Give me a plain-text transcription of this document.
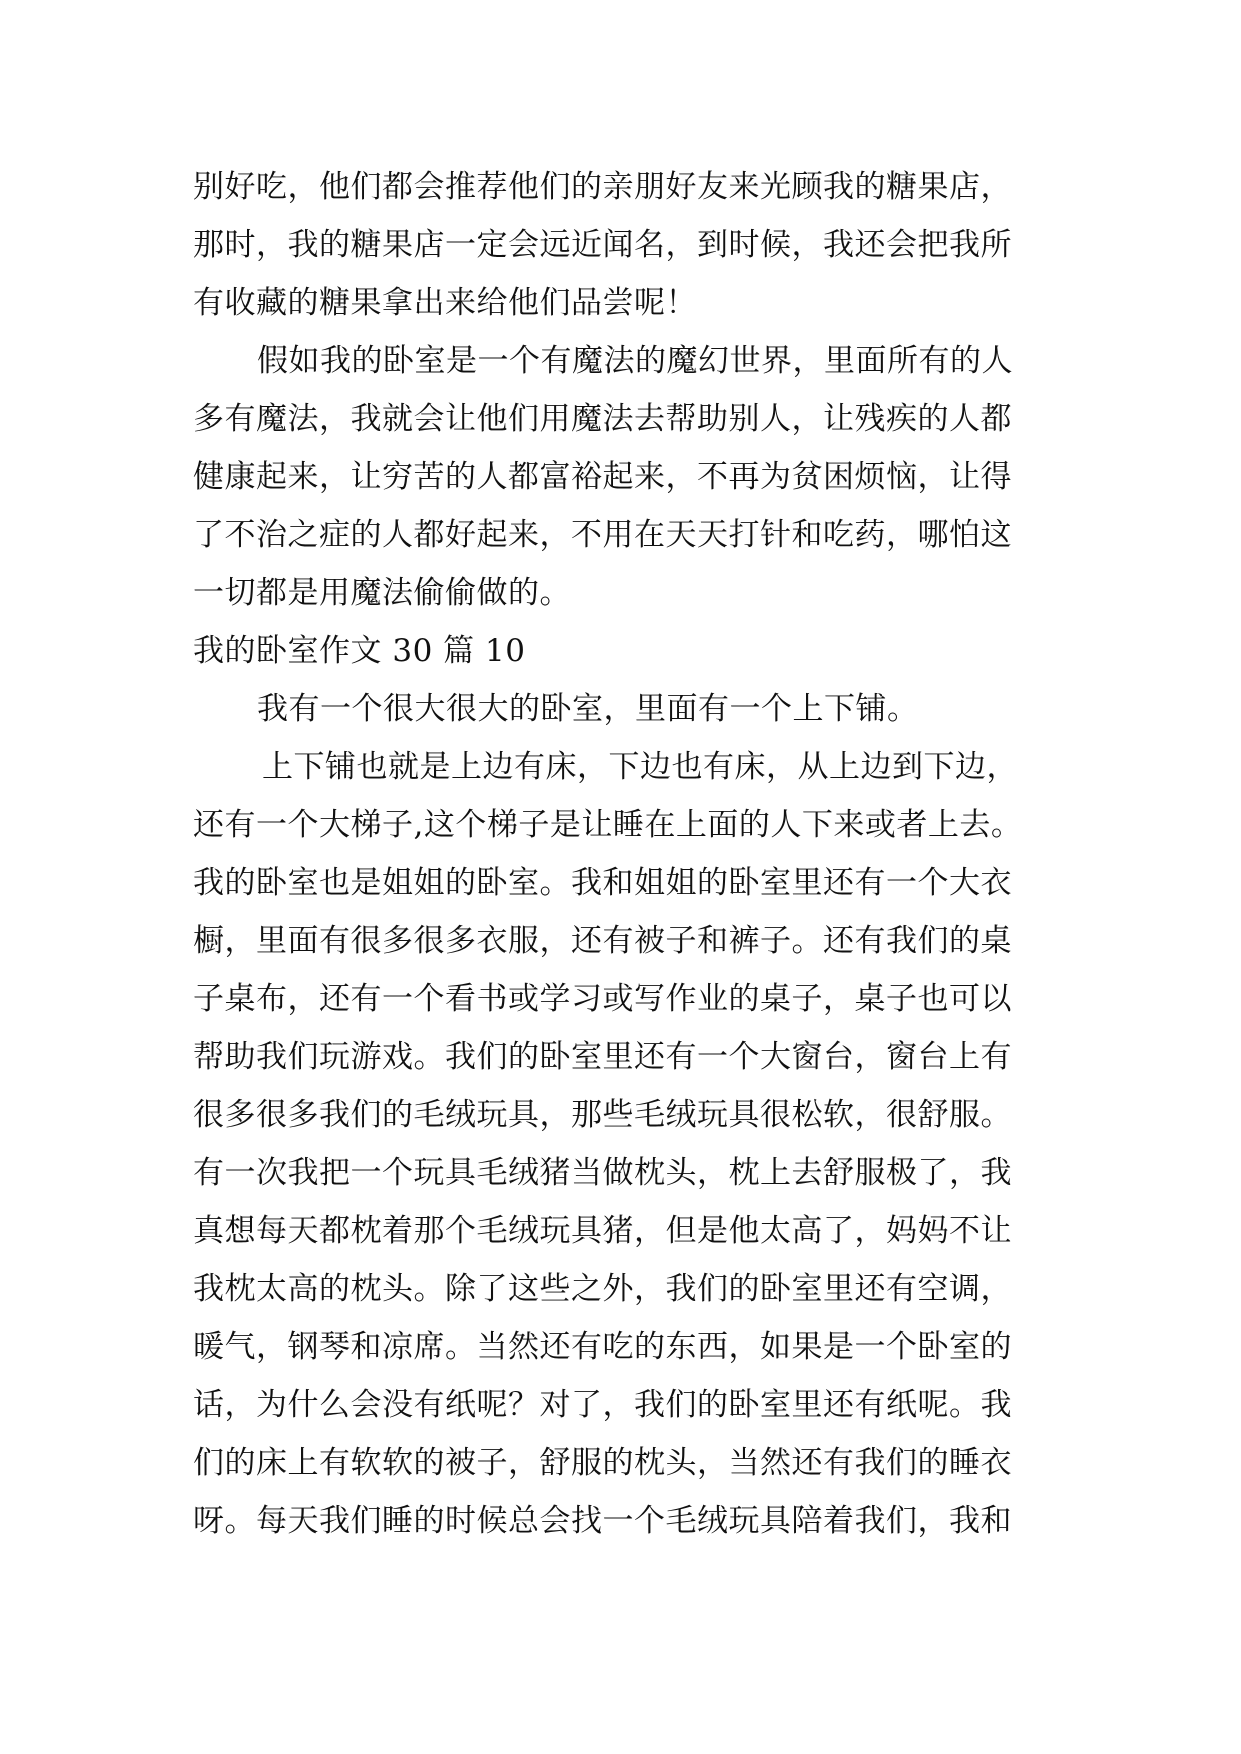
别好吃，他们都会推荐他们的亲朋好友来光顾我的糖果店，
那时，我的糖果店一定会远近闻名，到时候，我还会把我所
有收藏的糖果拿出来给他们品尝呢！
假如我的卧室是一个有魔法的魔幻世界，里面所有的人
多有魔法，我就会让他们用魔法去帮助别人，让残疾的人都
健康起来，让穷苦的人都富裕起来，不再为贫困烦恼，让得
了不治之症的人都好起来，不用在天天打针和吃药，哪怕这
一切都是用魔法偷偷做的。
我的卧室作文 30 篇 10
我有一个很大很大的卧室，里面有一个上下铺。
上下铺也就是上边有床，下边也有床，从上边到下边，
还有一个大梯子,这个梯子是让睡在上面的人下来或者上去。
我的卧室也是姐姐的卧室。我和姐姐的卧室里还有一个大衣
橱，里面有很多很多衣服，还有被子和裤子。还有我们的桌
子桌布，还有一个看书或学习或写作业的桌子，桌子也可以
帮助我们玩游戏。我们的卧室里还有一个大窗台，窗台上有
很多很多我们的毛绒玩具，那些毛绒玩具很松软，很舒服。
有一次我把一个玩具毛绒猪当做枕头，枕上去舒服极了，我
真想每天都枕着那个毛绒玩具猪，但是他太高了，妈妈不让
我枕太高的枕头。除了这些之外，我们的卧室里还有空调，
暖气，钢琴和凉席。当然还有吃的东西，如果是一个卧室的
话，为什么会没有纸呢？对了，我们的卧室里还有纸呢。我
们的床上有软软的被子，舒服的枕头，当然还有我们的睡衣
呀。每天我们睡的时候总会找一个毛绒玩具陪着我们，我和
